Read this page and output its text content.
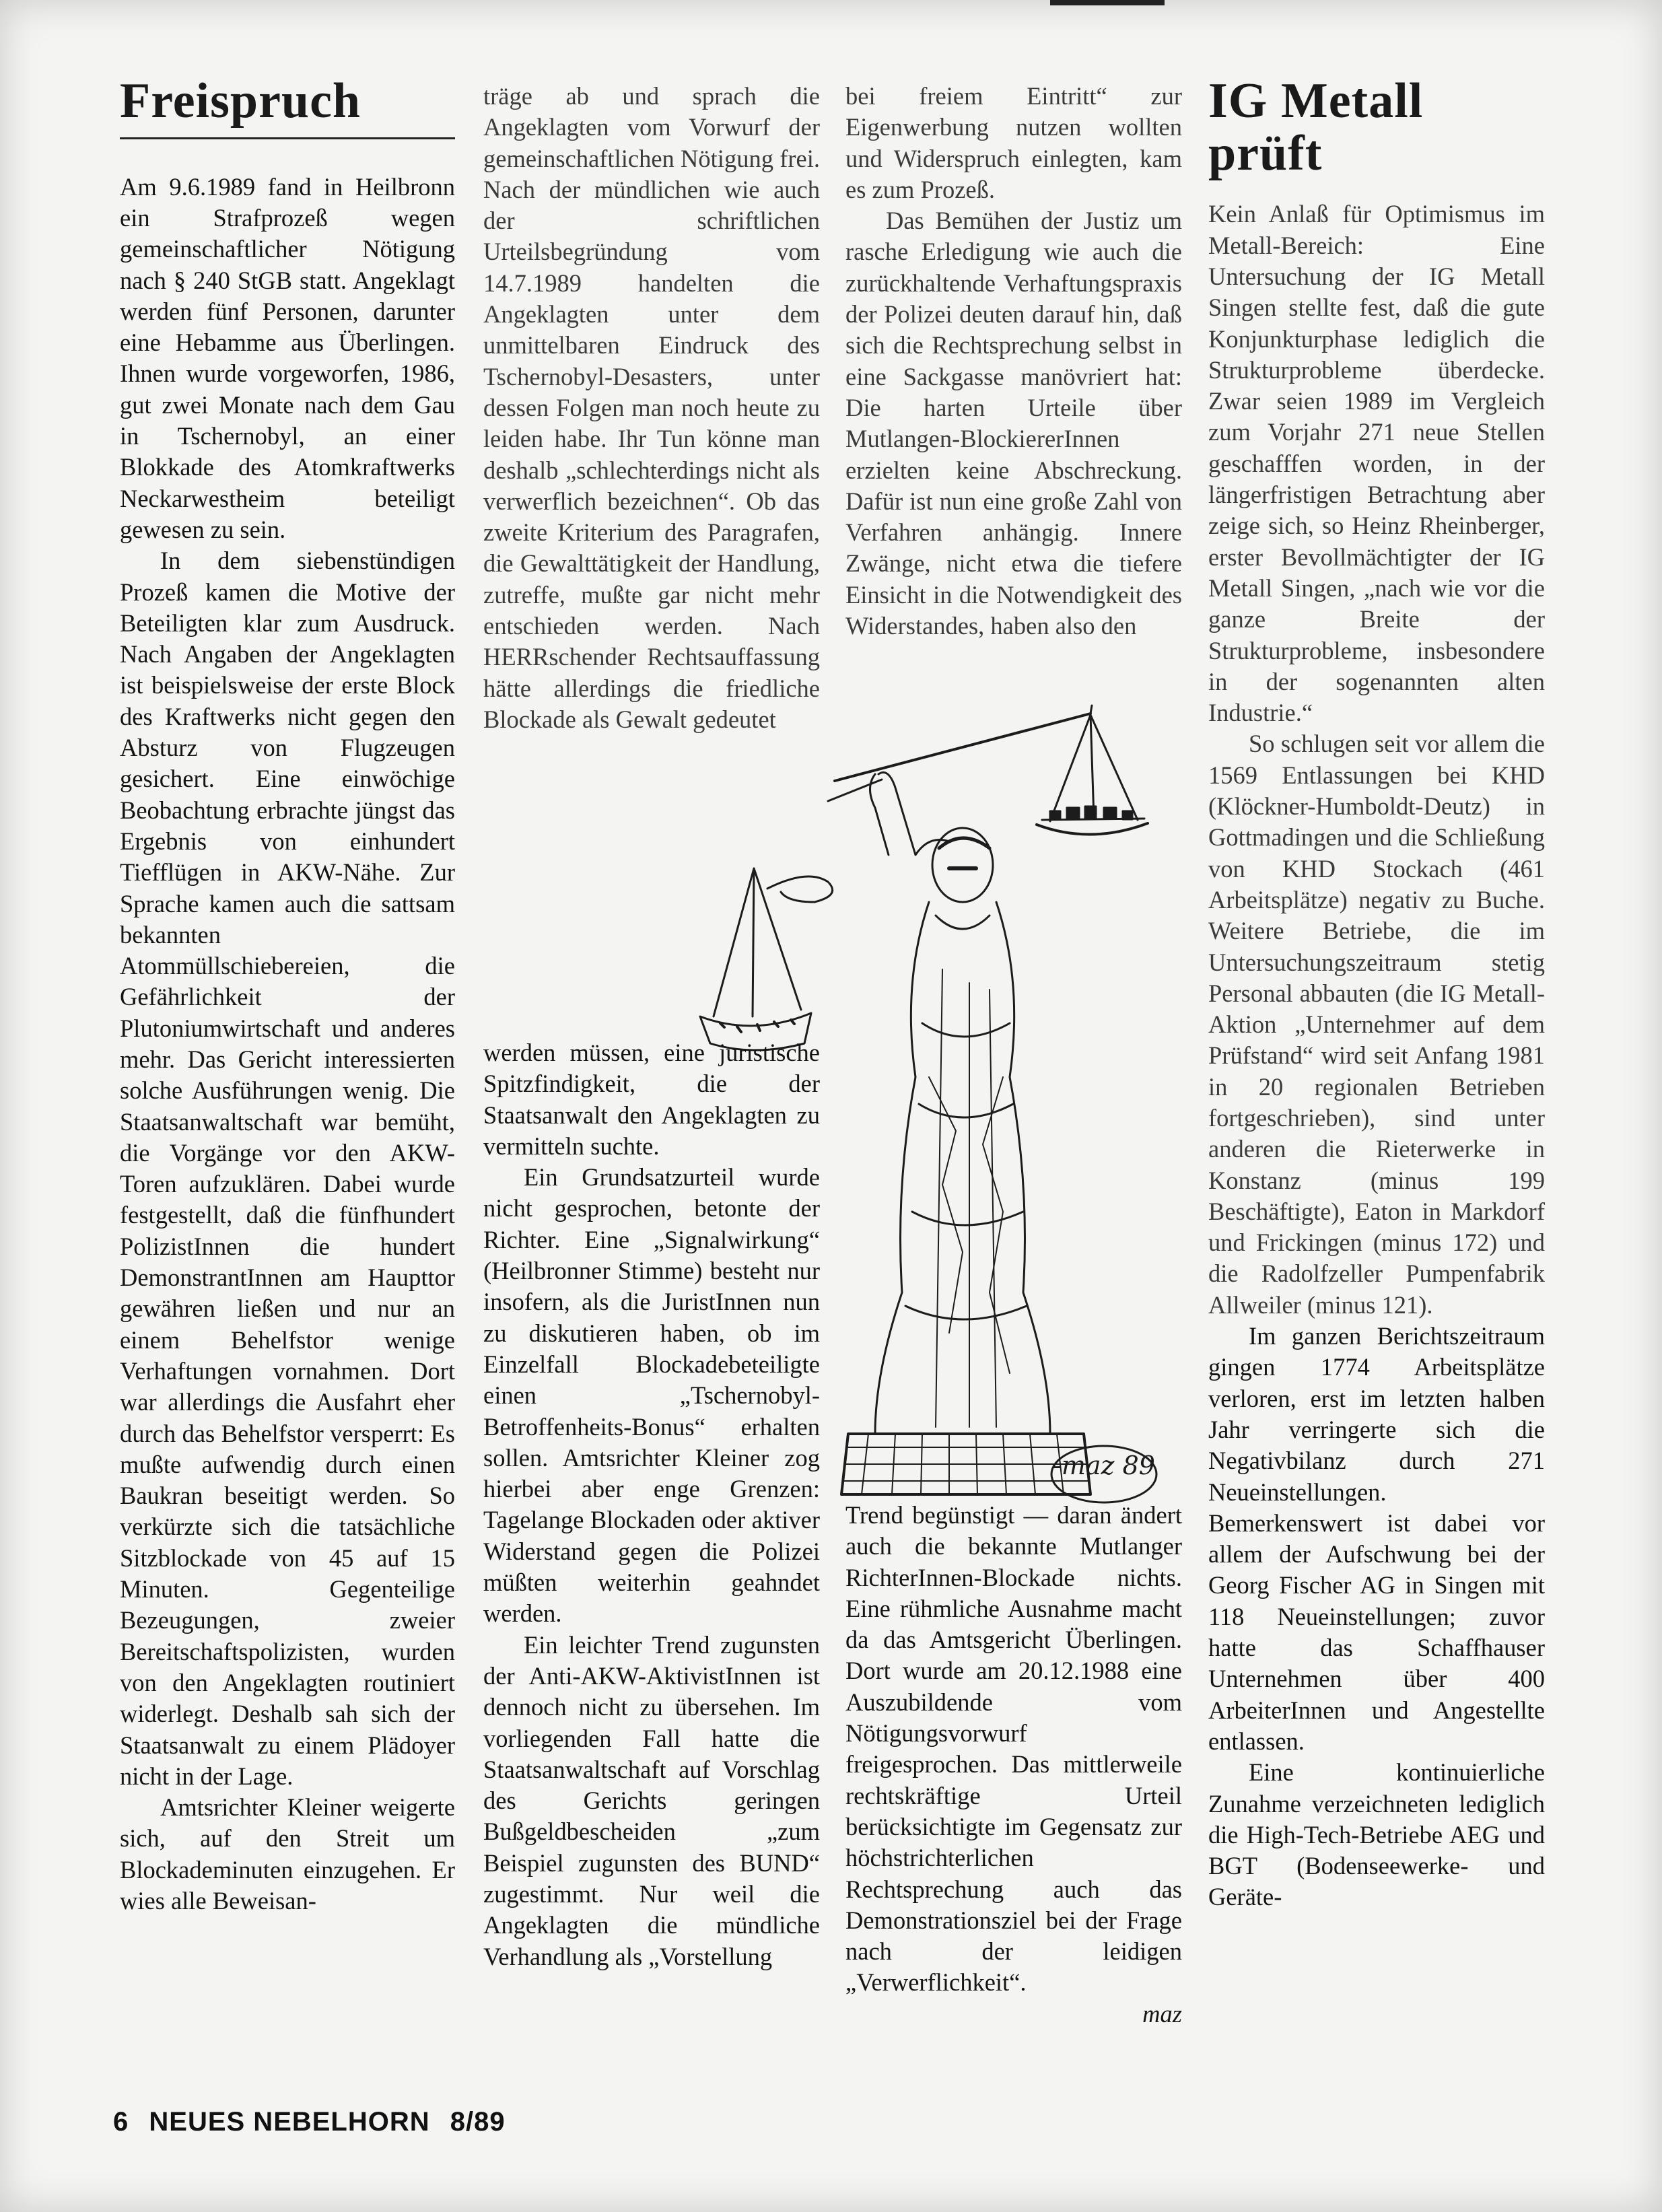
Freispruch

Am 9.6.1989 fand in Heilbronn ein Strafprozeß wegen gemeinschaftlicher Nötigung nach § 240 StGB statt. Angeklagt werden fünf Personen, darunter eine Hebamme aus Überlingen. Ihnen wurde vorgeworfen, 1986, gut zwei Monate nach dem Gau in Tschernobyl, an einer Blokkade des Atomkraftwerks Neckarwestheim beteiligt gewesen zu sein.

In dem siebenstündigen Prozeß kamen die Motive der Beteiligten klar zum Ausdruck. Nach Angaben der Angeklagten ist beispielsweise der erste Block des Kraftwerks nicht gegen den Absturz von Flugzeugen gesichert. Eine einwöchige Beobachtung erbrachte jüngst das Ergebnis von einhundert Tiefflügen in AKW-Nähe. Zur Sprache kamen auch die sattsam bekannten Atommüllschiebereien, die Gefährlichkeit der Plutoniumwirtschaft und anderes mehr. Das Gericht interessierten solche Ausführungen wenig. Die Staatsanwaltschaft war bemüht, die Vorgänge vor den AKW-Toren aufzuklären. Dabei wurde festgestellt, daß die fünfhundert PolizistInnen die hundert DemonstrantInnen am Haupttor gewähren ließen und nur an einem Behelfstor wenige Verhaftungen vornahmen. Dort war allerdings die Ausfahrt eher durch das Behelfstor versperrt: Es mußte aufwendig durch einen Baukran beseitigt werden. So verkürzte sich die tatsächliche Sitzblockade von 45 auf 15 Minuten. Gegenteilige Bezeugungen, zweier Bereitschaftspolizisten, wurden von den Angeklagten routiniert widerlegt. Deshalb sah sich der Staatsanwalt zu einem Plädoyer nicht in der Lage.

Amtsrichter Kleiner weigerte sich, auf den Streit um Blockademinuten einzugehen. Er wies alle Beweisan-

träge ab und sprach die Angeklagten vom Vorwurf der gemeinschaftlichen Nötigung frei. Nach der mündlichen wie auch der schriftlichen Urteilsbegründung vom 14.7.1989 handelten die Angeklagten unter dem unmittelbaren Eindruck des Tschernobyl-Desasters, unter dessen Folgen man noch heute zu leiden habe. Ihr Tun könne man deshalb „schlechterdings nicht als verwerflich bezeichnen“. Ob das zweite Kriterium des Paragrafen, die Gewalttätigkeit der Handlung, zutreffe, mußte gar nicht mehr entschieden werden. Nach HERRschender Rechtsauffassung hätte allerdings die friedliche Blockade als Gewalt gedeutet

bei freiem Eintritt“ zur Eigenwerbung nutzen wollten und Widerspruch einlegten, kam es zum Prozeß.

Das Bemühen der Justiz um rasche Erledigung wie auch die zurückhaltende Verhaftungspraxis der Polizei deuten darauf hin, daß sich die Rechtsprechung selbst in eine Sackgasse manövriert hat: Die harten Urteile über Mutlangen-BlockiererInnen erzielten keine Abschreckung. Dafür ist nun eine große Zahl von Verfahren anhängig. Innere Zwänge, nicht etwa die tiefere Einsicht in die Notwendigkeit des Widerstandes, haben also den

-maz 89

werden müssen, eine juristische Spitzfindigkeit, die der Staatsanwalt den Angeklagten zu vermitteln suchte.

Ein Grundsatzurteil wurde nicht gesprochen, betonte der Richter. Eine „Signalwirkung“ (Heilbronner Stimme) besteht nur insofern, als die JuristInnen nun zu diskutieren haben, ob im Einzelfall Blockadebeteiligte einen „Tschernobyl-Betroffenheits-Bonus“ erhalten sollen. Amtsrichter Kleiner zog hierbei aber enge Grenzen: Tagelange Blockaden oder aktiver Widerstand gegen die Polizei müßten weiterhin geahndet werden.

Ein leichter Trend zugunsten der Anti-AKW-AktivistInnen ist dennoch nicht zu übersehen. Im vorliegenden Fall hatte die Staatsanwaltschaft auf Vorschlag des Gerichts geringen Bußgeldbescheiden „zum Beispiel zugunsten des BUND“ zugestimmt. Nur weil die Angeklagten die mündliche Verhandlung als „Vorstellung

Trend begünstigt — daran ändert auch die bekannte Mutlanger RichterInnen-Blockade nichts. Eine rühmliche Ausnahme macht da das Amtsgericht Überlingen. Dort wurde am 20.12.1988 eine Auszubildende vom Nötigungsvorwurf freigesprochen. Das mittlerweile rechtskräftige Urteil berücksichtigte im Gegensatz zur höchstrichterlichen Rechtsprechung auch das Demonstrationsziel bei der Frage nach der leidigen „Verwerflichkeit“.

maz

IG Metall
prüft

Kein Anlaß für Optimismus im Metall-Bereich: Eine Untersuchung der IG Metall Singen stellte fest, daß die gute Konjunkturphase lediglich die Strukturprobleme überdecke. Zwar seien 1989 im Vergleich zum Vorjahr 271 neue Stellen geschafffen worden, in der längerfristigen Betrachtung aber zeige sich, so Heinz Rheinberger, erster Bevollmächtigter der IG Metall Singen, „nach wie vor die ganze Breite der Strukturprobleme, insbesondere in der sogenannten alten Industrie.“

So schlugen seit vor allem die 1569 Entlassungen bei KHD (Klöckner-Humboldt-Deutz) in Gottmadingen und die Schließung von KHD Stockach (461 Arbeitsplätze) negativ zu Buche. Weitere Betriebe, die im Untersuchungszeitraum stetig Personal abbauten (die IG Metall-Aktion „Unternehmer auf dem Prüfstand“ wird seit Anfang 1981 in 20 regionalen Betrieben fortgeschrieben), sind unter anderen die Rieterwerke in Konstanz (minus 199 Beschäftigte), Eaton in Markdorf und Frickingen (minus 172) und die Radolfzeller Pumpenfabrik Allweiler (minus 121).

Im ganzen Berichtszeitraum gingen 1774 Arbeitsplätze verloren, erst im letzten halben Jahr verringerte sich die Negativbilanz durch 271 Neueinstellungen. Bemerkenswert ist dabei vor allem der Aufschwung bei der Georg Fischer AG in Singen mit 118 Neueinstellungen; zuvor hatte das Schaffhauser Unternehmen über 400 ArbeiterInnen und Angestellte entlassen.

Eine kontinuierliche Zunahme verzeichneten lediglich die High-Tech-Betriebe AEG und BGT (Bodenseewerke- und Geräte-

6 NEUES NEBELHORN 8/89
